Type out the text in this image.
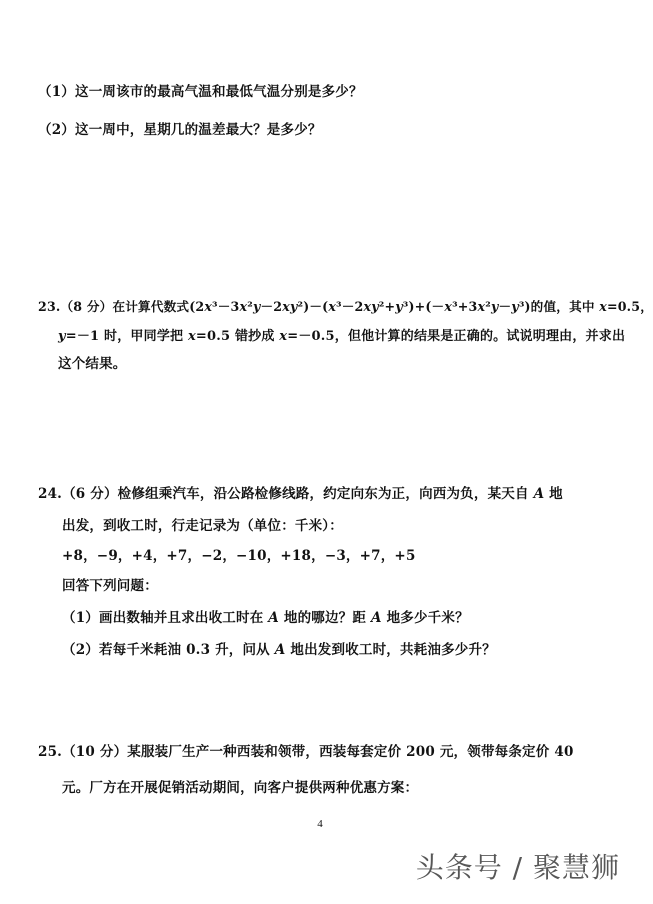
（1）这一周该市的最高气温和最低气温分别是多少？
（2）这一周中，星期几的温差最大？是多少？
23.（8 分）在计算代数式(2x³－3x²y－2xy²)－(x³－2xy²+y³)+(－x³+3x²y－y³)的值，其中 x=0.5，
y=－1 时，甲同学把 x=0.5 错抄成 x=－0.5，但他计算的结果是正确的。试说明理由，并求出
这个结果。
24.（6 分）检修组乘汽车，沿公路检修线路，约定向东为正，向西为负，某天自 A 地
出发，到收工时，行走记录为（单位：千米）：
+8，−9，+4，+7，−2，−10，+18，−3，+7，+5
回答下列问题：
（1）画出数轴并且求出收工时在 A 地的哪边？距 A 地多少千米？
（2）若每千米耗油 0.3 升，问从 A 地出发到收工时，共耗油多少升？
25.（10 分）某服装厂生产一种西装和领带，西装每套定价 200 元，领带每条定价 40
元。厂方在开展促销活动期间，向客户提供两种优惠方案：
4
头条号 / 聚慧狮
